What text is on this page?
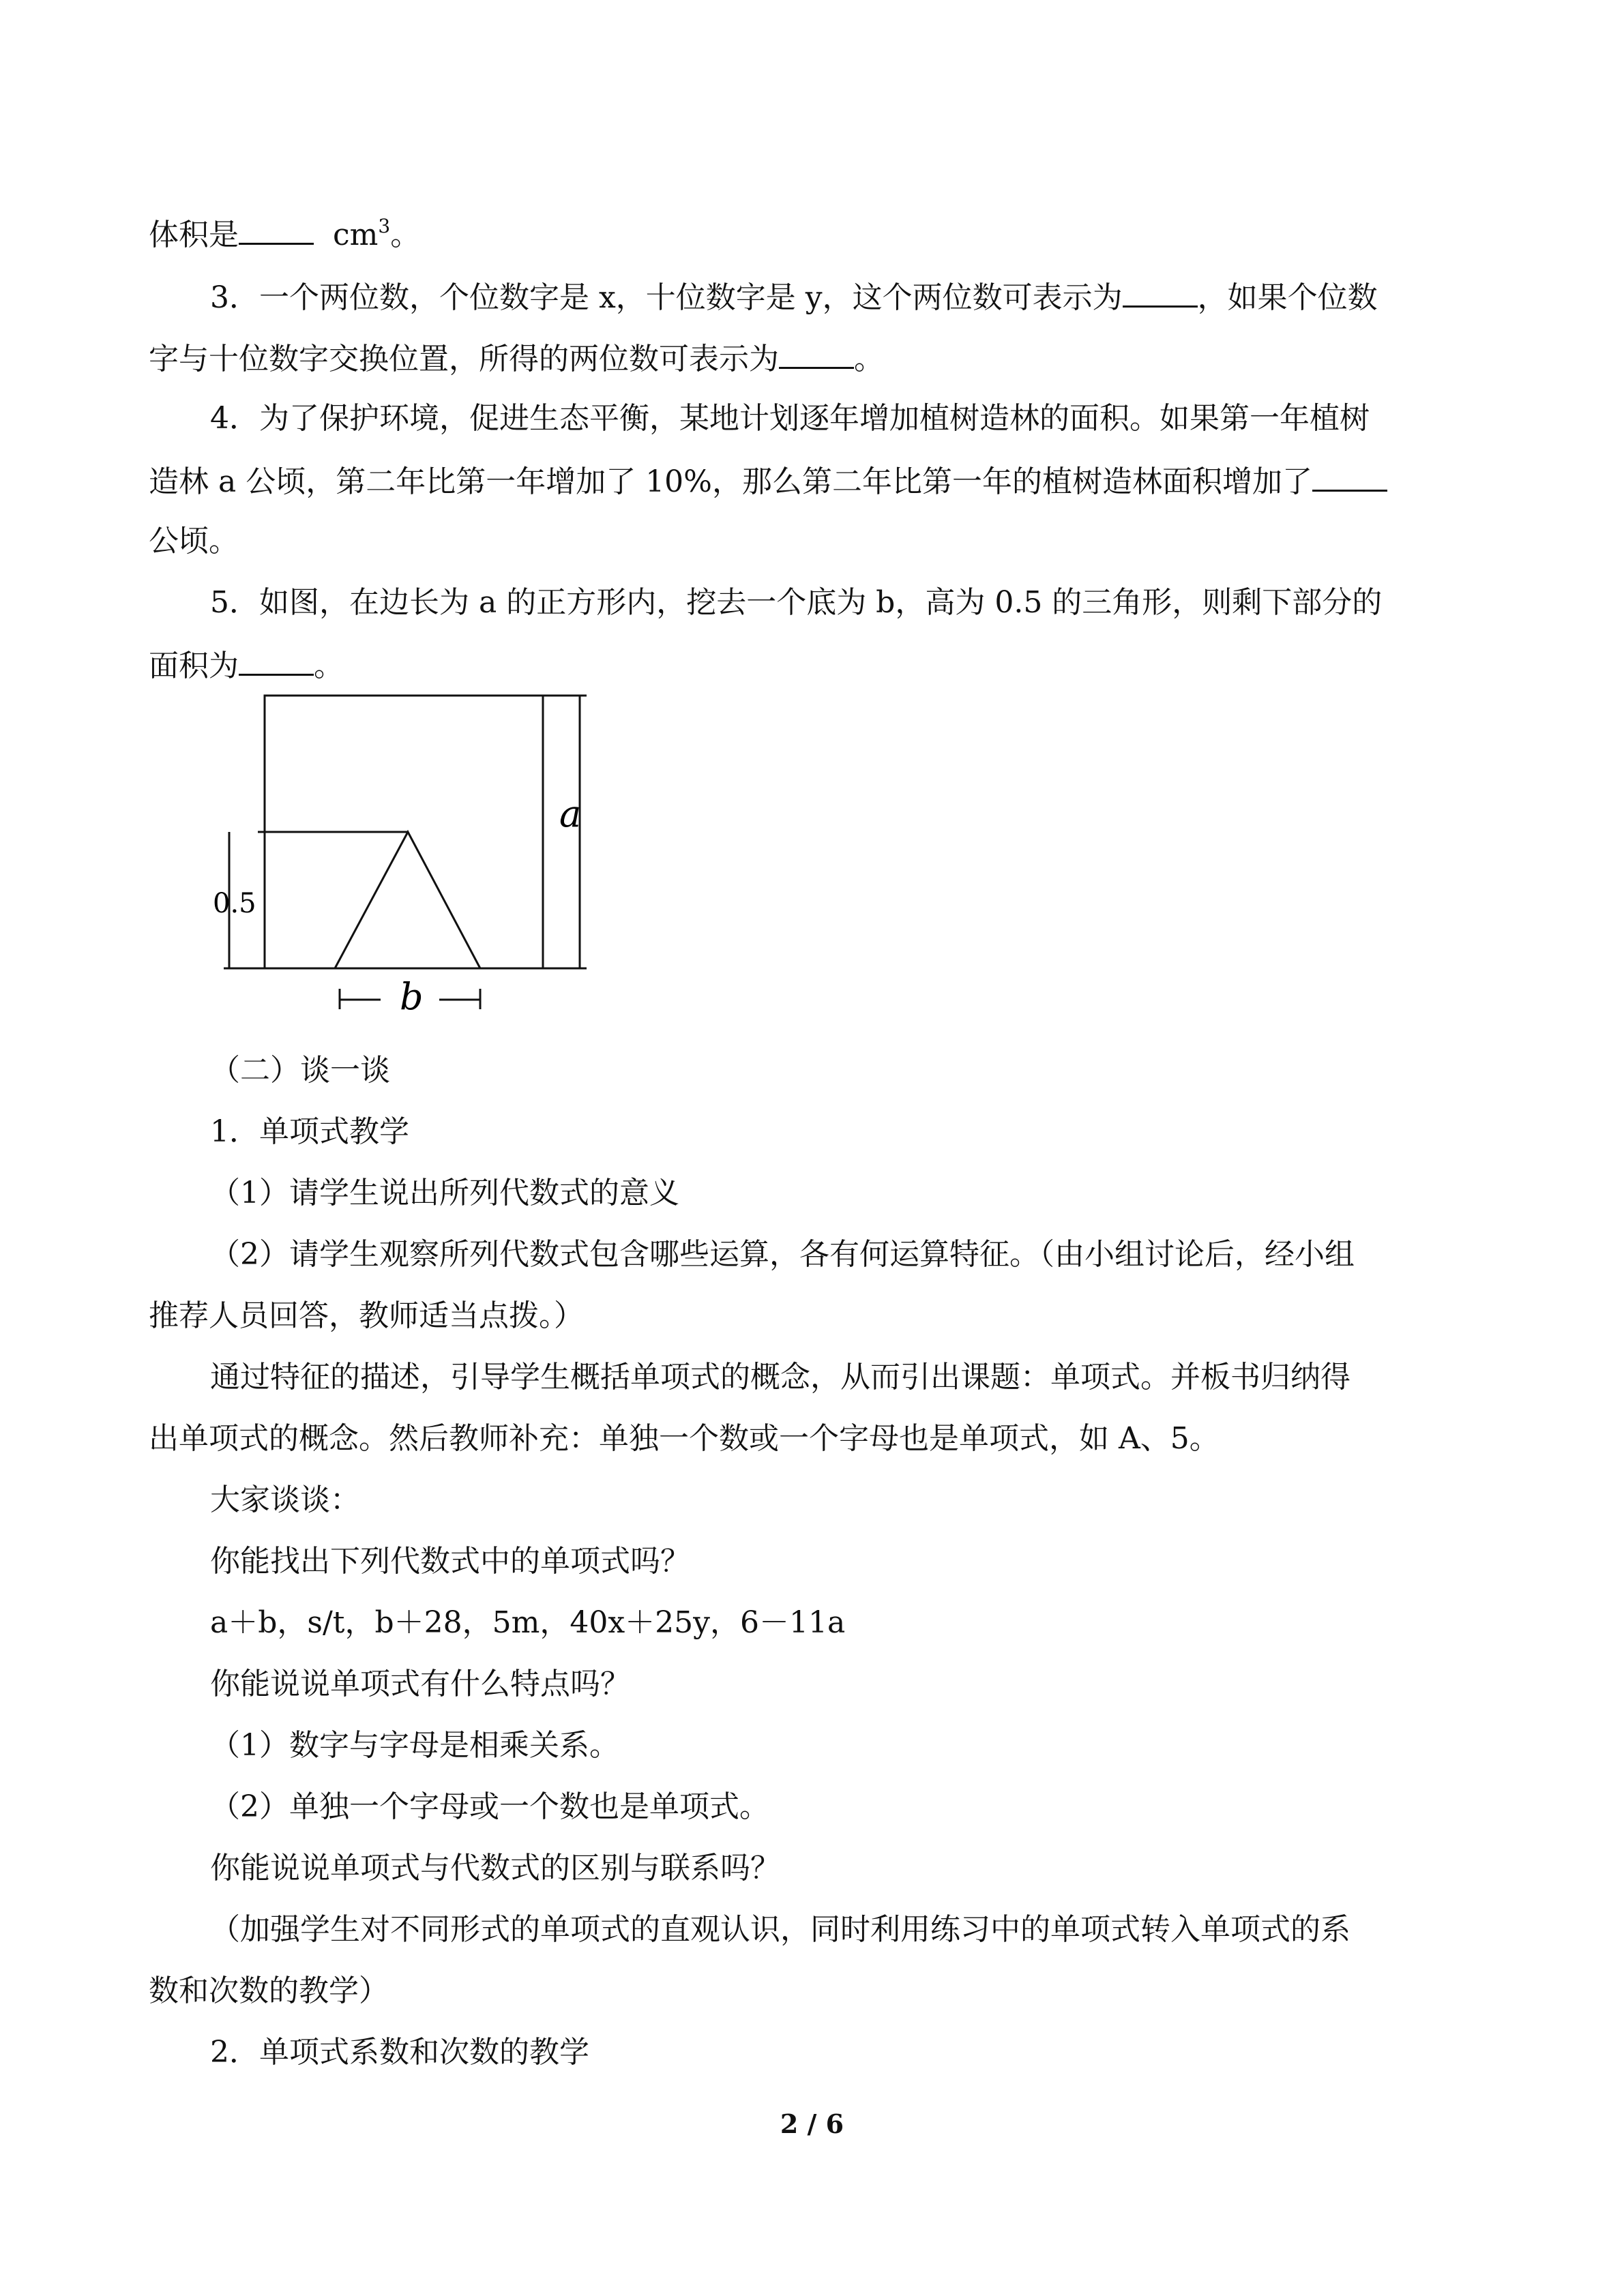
体积是	$cm^3$。
3．一个两位数，个位数字是 x，十位数字是 y，这个两位数可表示为	，如果个位数
字与十位数字交换位置，所得的两位数可表示为	。
4．为了保护环境，促进生态平衡，某地计划逐年增加植树造林的面积。如果第一年植树
造林 a 公顷，第二年比第一年增加了 10%，那么第二年比第一年的植树造林面积增加了
公顷。
5．如图，在边长为 a 的正方形内，挖去一个底为 b，高为 0.5 的三角形，则剩下部分的
面积为	。
a
0.5
b
（二）谈一谈
1．单项式教学
（1）请学生说出所列代数式的意义
（2）请学生观察所列代数式包含哪些运算，各有何运算特征。（由小组讨论后，经小组
推荐人员回答，教师适当点拨。）
通过特征的描述，引导学生概括单项式的概念，从而引出课题：单项式。并板书归纳得
出单项式的概念。然后教师补充：单独一个数或一个字母也是单项式，如 A、5。
大家谈谈：
你能找出下列代数式中的单项式吗？
a＋b，s/t，b＋28，5m，40x＋25y，6－11a
你能说说单项式有什么特点吗？
（1）数字与字母是相乘关系。
（2）单独一个字母或一个数也是单项式。
你能说说单项式与代数式的区别与联系吗？
（加强学生对不同形式的单项式的直观认识，同时利用练习中的单项式转入单项式的系
数和次数的教学）
2．单项式系数和次数的教学
2 / 6
